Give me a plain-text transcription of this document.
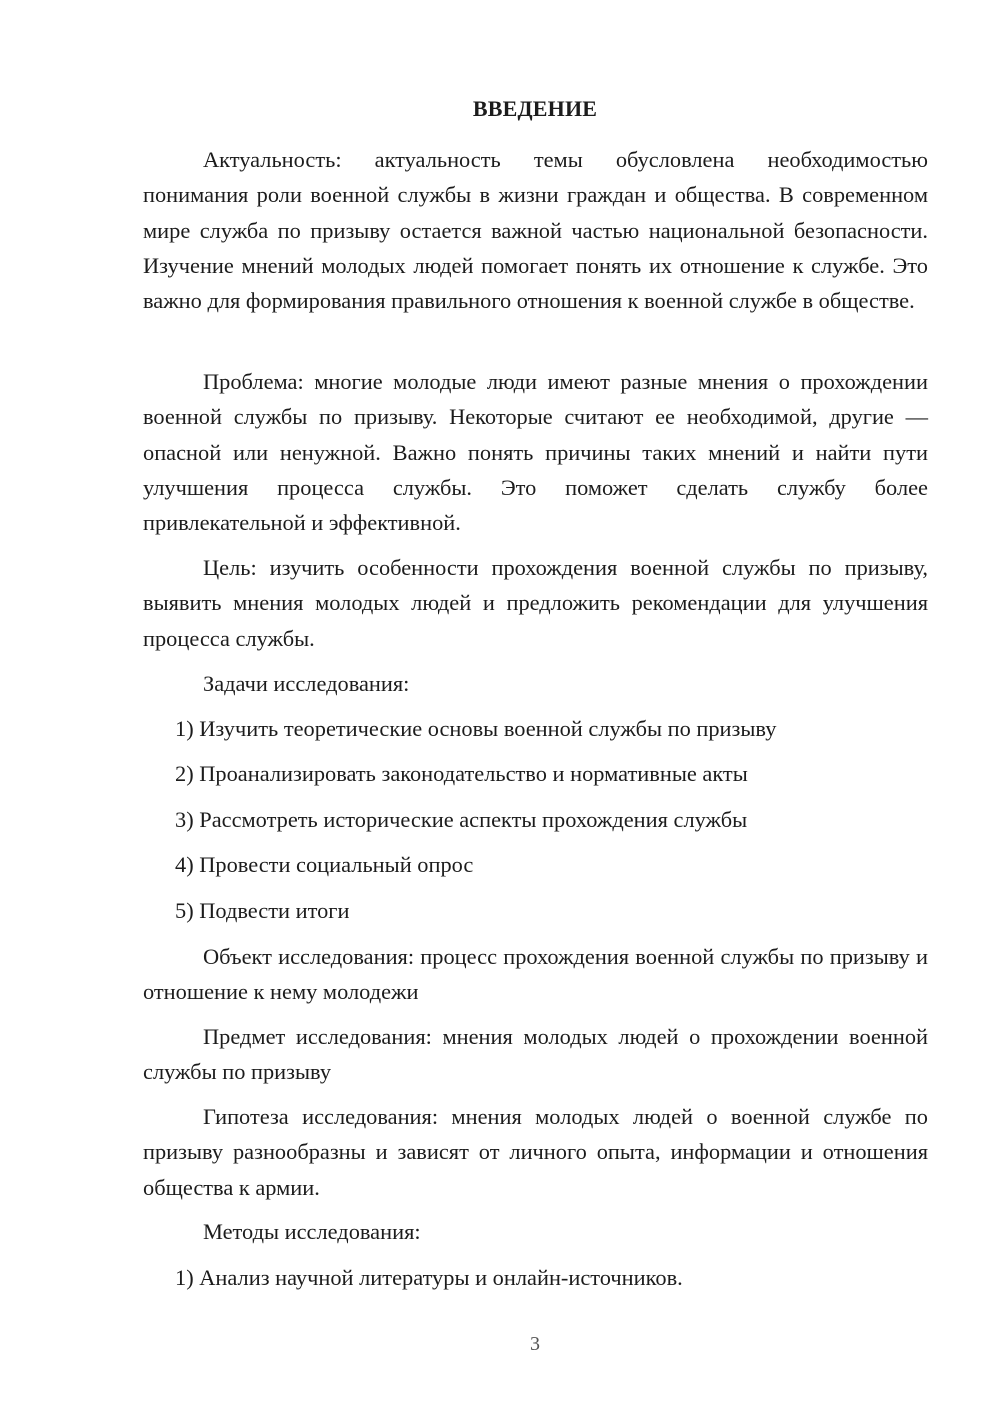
ВВЕДЕНИЕ

Актуальность: актуальность темы обусловлена необходимостью понимания роли военной службы в жизни граждан и общества. В современном мире служба по призыву остается важной частью национальной безопасности. Изучение мнений молодых людей помогает понять их отношение к службе. Это важно для формирования правильного отношения к военной службе в обществе.

Проблема: многие молодые люди имеют разные мнения о прохождении военной службы по призыву. Некоторые считают ее необходимой, другие — опасной или ненужной. Важно понять причины таких мнений и найти пути улучшения процесса службы. Это поможет сделать службу более привлекательной и эффективной.

Цель: изучить особенности прохождения военной службы по призыву, выявить мнения молодых людей и предложить рекомендации для улучшения процесса службы.

Задачи исследования:

1) Изучить теоретические основы военной службы по призыву

2) Проанализировать законодательство и нормативные акты

3) Рассмотреть исторические аспекты прохождения службы

4) Провести социальный опрос

5) Подвести итоги

Объект исследования: процесс прохождения военной службы по призыву и отношение к нему молодежи

Предмет исследования: мнения молодых людей о прохождении военной службы по призыву

Гипотеза исследования: мнения молодых людей о военной службе по призыву разнообразны и зависят от личного опыта, информации и отношения общества к армии.

Методы исследования:

1) Анализ научной литературы и онлайн-источников.

3
